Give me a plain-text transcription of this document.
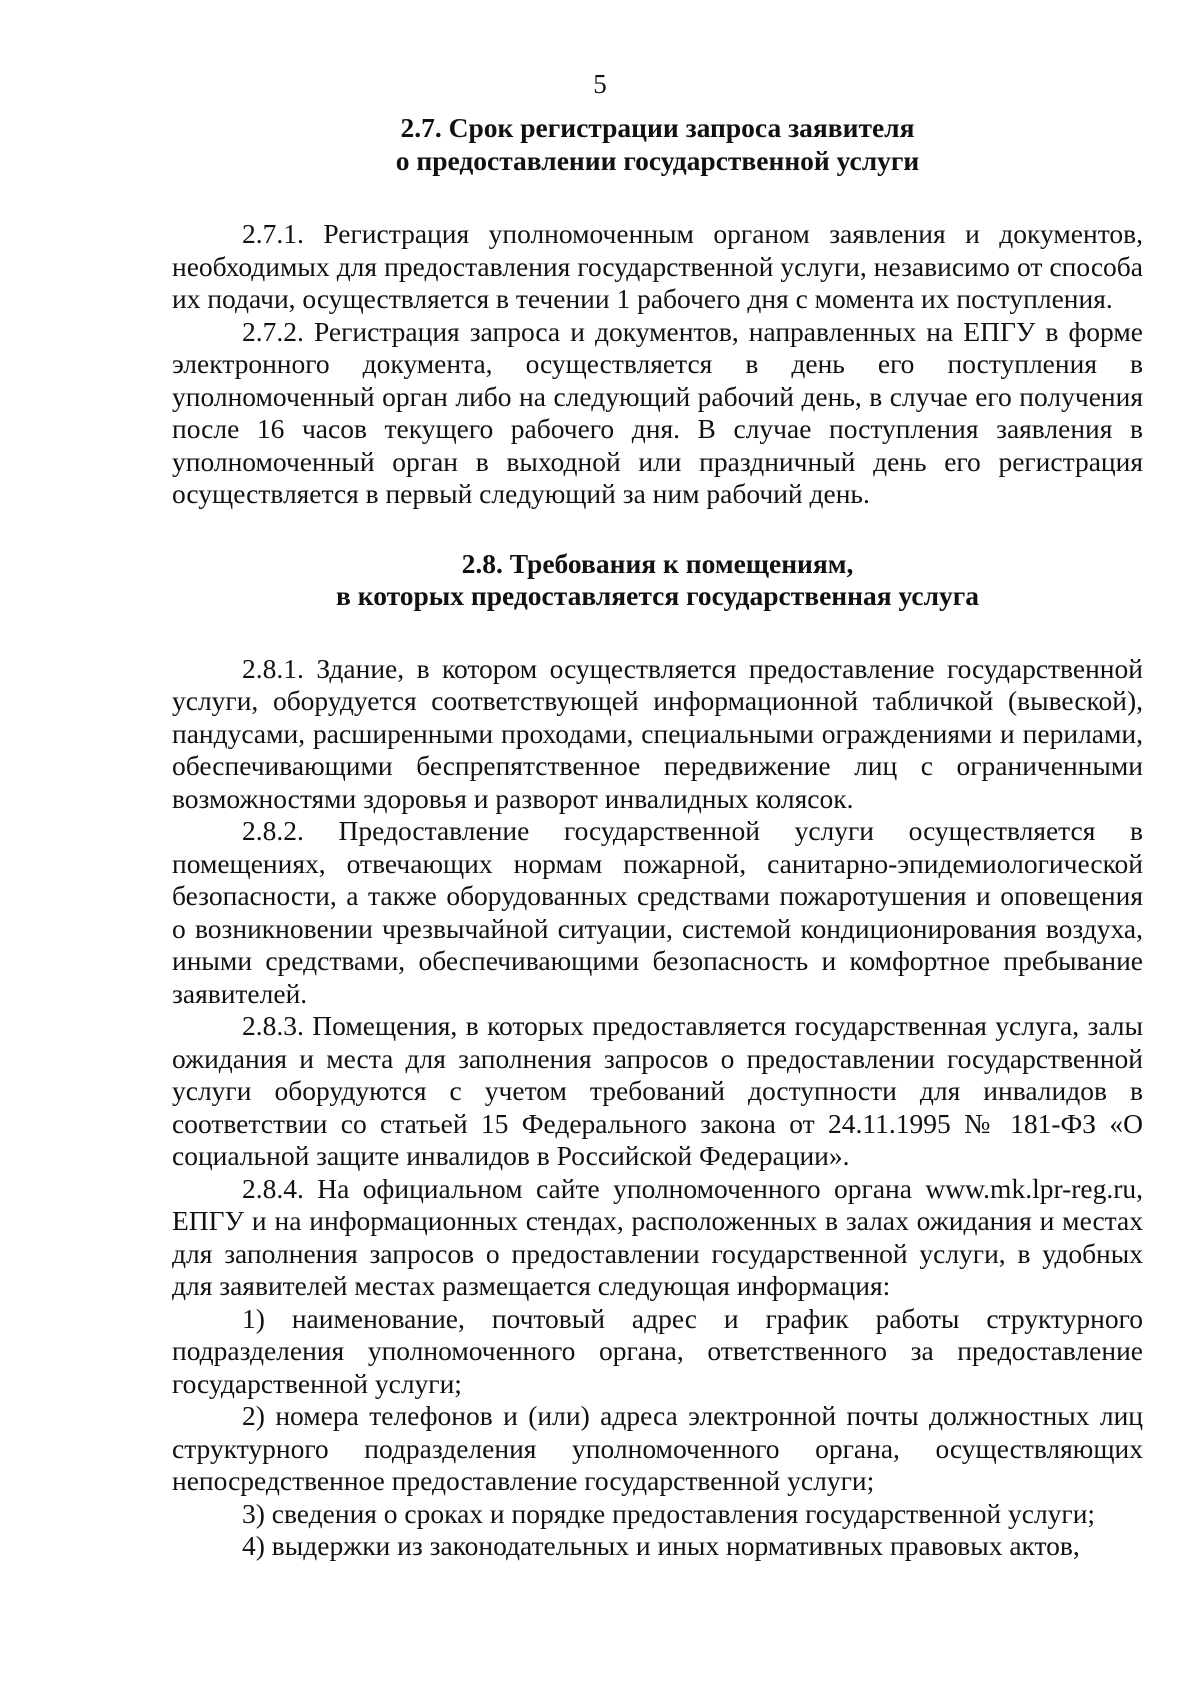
5
2.7. Срок регистрации запроса заявителя
о предоставлении государственной услуги

2.7.1. Регистрация уполномоченным органом заявления и документов, необходимых для предоставления государственной услуги, независимо от способа их подачи, осуществляется в течении 1 рабочего дня с момента их поступления.

2.7.2. Регистрация запроса и документов, направленных на ЕПГУ в форме электронного документа, осуществляется в день его поступления в уполномоченный орган либо на следующий рабочий день, в случае его получения после 16 часов текущего рабочего дня. В случае поступления заявления в уполномоченный орган в выходной или праздничный день его регистрация осуществляется в первый следующий за ним рабочий день.

2.8. Требования к помещениям,
в которых предоставляется государственная услуга

2.8.1. Здание, в котором осуществляется предоставление государственной услуги, оборудуется соответствующей информационной табличкой (вывеской), пандусами, расширенными проходами, специальными ограждениями и перилами, обеспечивающими беспрепятственное передвижение лиц с ограниченными возможностями здоровья и разворот инвалидных колясок.

2.8.2. Предоставление государственной услуги осуществляется в помещениях, отвечающих нормам пожарной, санитарно-эпидемиологической безопасности, а также оборудованных средствами пожаротушения и оповещения о возникновении чрезвычайной ситуации, системой кондиционирования воздуха, иными средствами, обеспечивающими безопасность и комфортное пребывание заявителей.

2.8.3. Помещения, в которых предоставляется государственная услуга, залы ожидания и места для заполнения запросов о предоставлении государственной услуги оборудуются с учетом требований доступности для инвалидов в соответствии со статьей 15 Федерального закона от 24.11.1995 № 181-ФЗ «О социальной защите инвалидов в Российской Федерации».

2.8.4. На официальном сайте уполномоченного органа www.mk.lpr-reg.ru, ЕПГУ и на информационных стендах, расположенных в залах ожидания и местах для заполнения запросов о предоставлении государственной услуги, в удобных для заявителей местах размещается следующая информация:

1) наименование, почтовый адрес и график работы структурного подразделения уполномоченного органа, ответственного за предоставление государственной услуги;

2) номера телефонов и (или) адреса электронной почты должностных лиц структурного подразделения уполномоченного органа, осуществляющих непосредственное предоставление государственной услуги;

3) сведения о сроках и порядке предоставления государственной услуги;

4) выдержки из законодательных и иных нормативных правовых актов,
